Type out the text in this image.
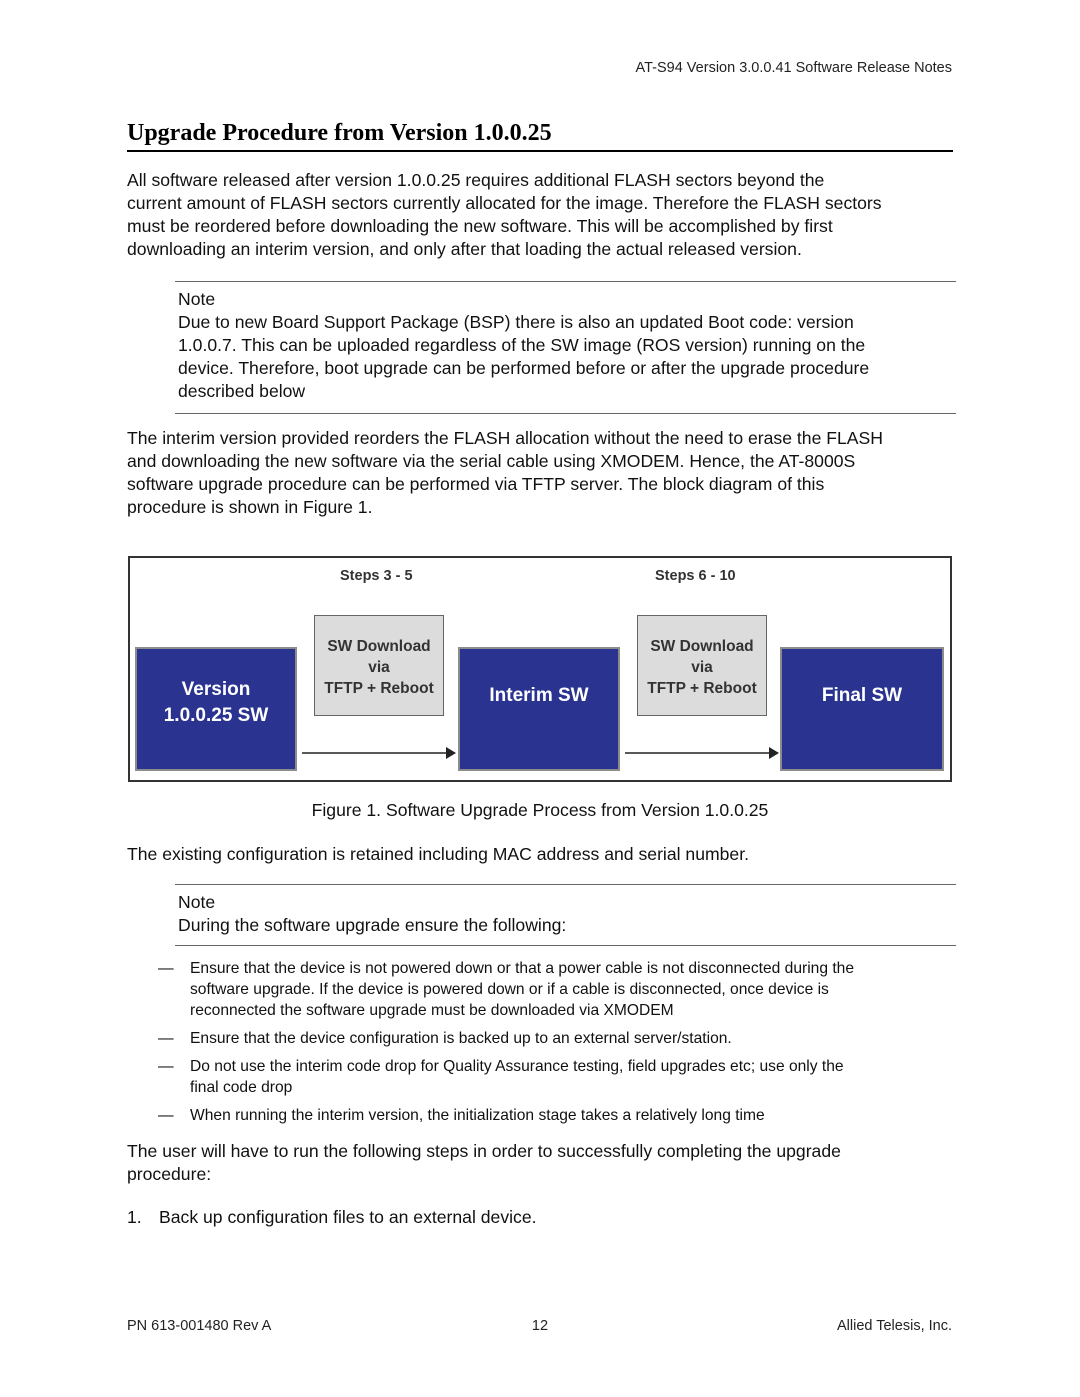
AT-S94 Version 3.0.0.41 Software Release Notes
Upgrade Procedure from Version 1.0.0.25
All software released after version 1.0.0.25 requires additional FLASH sectors beyond the
current amount of FLASH sectors currently allocated for the image. Therefore the FLASH sectors
must be reordered before downloading the new software. This will be accomplished by first
downloading an interim version, and only after that loading the actual released version.
Note
Due to new Board Support Package (BSP) there is also an updated Boot code: version
1.0.0.7. This can be uploaded regardless of the SW image (ROS version) running on the
device. Therefore, boot upgrade can be performed before or after the upgrade procedure
described below
The interim version provided reorders the FLASH allocation without the need to erase the FLASH
and downloading the new software via the serial cable using XMODEM. Hence, the AT-8000S
software upgrade procedure can be performed via TFTP server. The block diagram of this
procedure is shown in Figure 1.
Steps 3 - 5	Steps 6 - 10
Version
1.0.0.25 SW
SW Download
via
TFTP + Reboot	Interim SW
SW Download
via
TFTP + Reboot	Final SW
Figure 1. Software Upgrade Process from Version 1.0.0.25
The existing configuration is retained including MAC address and serial number.
Note
During the software upgrade ensure the following:
—	Ensure that the device is not powered down or that a power cable is not disconnected during the
software upgrade. If the device is powered down or if a cable is disconnected, once device is
reconnected the software upgrade must be downloaded via XMODEM
—	Ensure that the device configuration is backed up to an external server/station.
—	Do not use the interim code drop for Quality Assurance testing, field upgrades etc; use only the
final code drop
—	When running the interim version, the initialization stage takes a relatively long time
The user will have to run the following steps in order to successfully completing the upgrade
procedure:
1. Back up configuration files to an external device.
PN 613-001480 Rev A	12	Allied Telesis, Inc.
